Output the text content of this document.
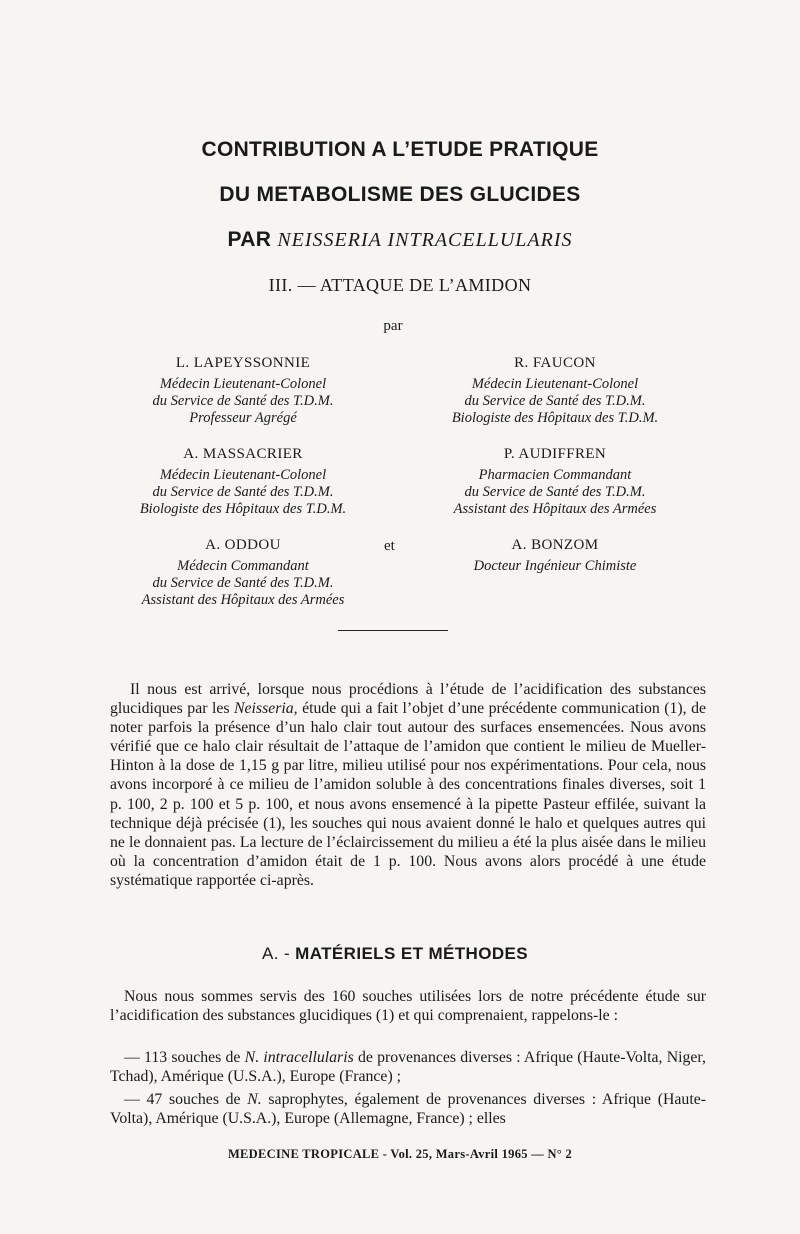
CONTRIBUTION A L’ETUDE PRATIQUE
DU METABOLISME DES GLUCIDES
PAR NEISSERIA INTRACELLULARIS
III. — ATTAQUE DE L’AMIDON
par
L. LAPEYSSONNIE
Médecin Lieutenant-Colonel
du Service de Santé des T.D.M.
Professeur Agrégé
R. FAUCON
Médecin Lieutenant-Colonel
du Service de Santé des T.D.M.
Biologiste des Hôpitaux des T.D.M.
A. MASSACRIER
Médecin Lieutenant-Colonel
du Service de Santé des T.D.M.
Biologiste des Hôpitaux des T.D.M.
P. AUDIFFREN
Pharmacien Commandant
du Service de Santé des T.D.M.
Assistant des Hôpitaux des Armées
A. ODDOU
Médecin Commandant
du Service de Santé des T.D.M.
Assistant des Hôpitaux des Armées
et	A. BONZOM
Docteur Ingénieur Chimiste

Il nous est arrivé, lorsque nous procédions à l’étude de l’acidification des substances glucidiques par les Neisseria, étude qui a fait l’objet d’une précédente communication (1), de noter parfois la présence d’un halo clair tout autour des surfaces ensemencées. Nous avons vérifié que ce halo clair résultait de l’attaque de l’amidon que contient le milieu de Mueller-Hinton à la dose de 1,15 g par litre, milieu utilisé pour nos expérimentations. Pour cela, nous avons incorporé à ce milieu de l’amidon soluble à des concentrations finales diverses, soit 1 p. 100, 2 p. 100 et 5 p. 100, et nous avons ensemencé à la pipette Pasteur effilée, suivant la technique déjà précisée (1), les souches qui nous avaient donné le halo et quelques autres qui ne le donnaient pas. La lecture de l’éclaircissement du milieu a été la plus aisée dans le milieu où la concentration d’amidon était de 1 p. 100. Nous avons alors procédé à une étude systématique rapportée ci-après.

A. - MATÉRIELS ET MÉTHODES

Nous nous sommes servis des 160 souches utilisées lors de notre précédente étude sur l’acidification des substances glucidiques (1) et qui comprenaient, rappelons-le :

— 113 souches de N. intracellularis de provenances diverses : Afrique (Haute-Volta, Niger, Tchad), Amérique (U.S.A.), Europe (France) ;

— 47 souches de N. saprophytes, également de provenances diverses : Afrique (Haute-Volta), Amérique (U.S.A.), Europe (Allemagne, France) ; elles

MEDECINE TROPICALE - Vol. 25, Mars-Avril 1965 — N° 2
